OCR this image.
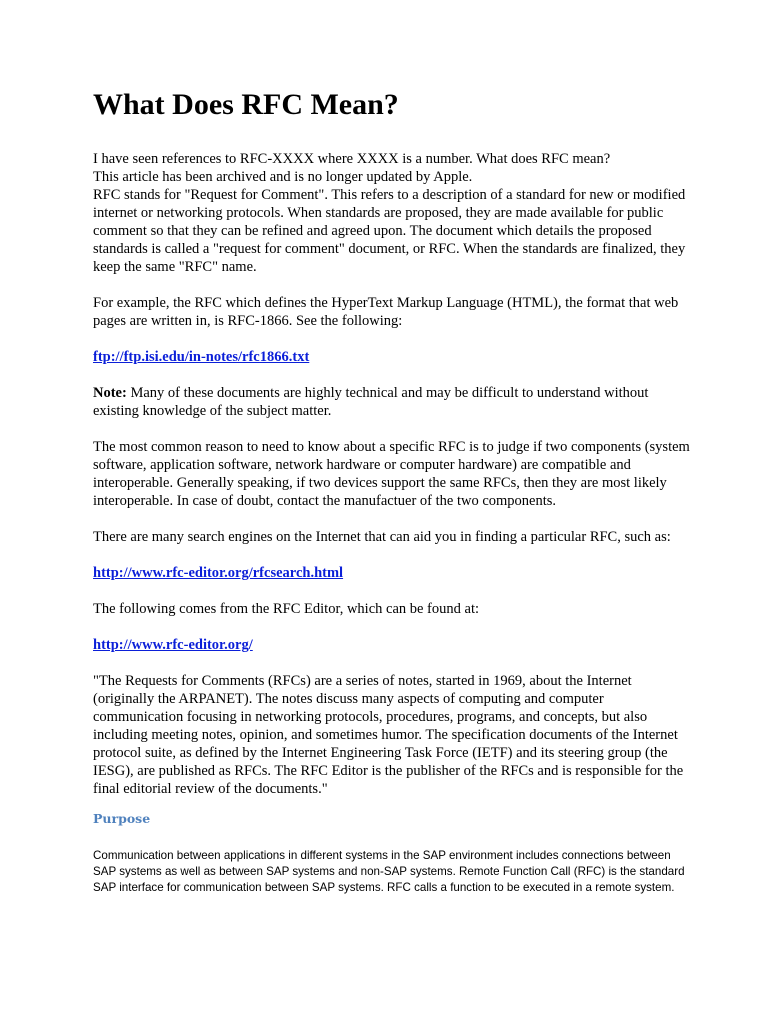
What Does RFC Mean?

I have seen references to RFC-XXXX where XXXX is a number. What does RFC mean?

This article has been archived and is no longer updated by Apple.

RFC stands for "Request for Comment". This refers to a description of a standard for new or modified internet or networking protocols. When standards are proposed, they are made available for public comment so that they can be refined and agreed upon. The document which details the proposed standards is called a "request for comment" document, or RFC. When the standards are finalized, they keep the same "RFC" name.

For example, the RFC which defines the HyperText Markup Language (HTML), the format that web pages are written in, is RFC-1866. See the following:

ftp://ftp.isi.edu/in-notes/rfc1866.txt

Note: Many of these documents are highly technical and may be difficult to understand without existing knowledge of the subject matter.

The most common reason to need to know about a specific RFC is to judge if two components (system software, application software, network hardware or computer hardware) are compatible and interoperable. Generally speaking, if two devices support the same RFCs, then they are most likely interoperable. In case of doubt, contact the manufactuer of the two components.

There are many search engines on the Internet that can aid you in finding a particular RFC, such as:

http://www.rfc-editor.org/rfcsearch.html

The following comes from the RFC Editor, which can be found at:

http://www.rfc-editor.org/

"The Requests for Comments (RFCs) are a series of notes, started in 1969, about the Internet (originally the ARPANET). The notes discuss many aspects of computing and computer communication focusing in networking protocols, procedures, programs, and concepts, but also including meeting notes, opinion, and sometimes humor. The specification documents of the Internet protocol suite, as defined by the Internet Engineering Task Force (IETF) and its steering group (the IESG), are published as RFCs. The RFC Editor is the publisher of the RFCs and is responsible for the final editorial review of the documents."

Purpose

Communication between applications in different systems in the SAP environment includes connections between SAP systems as well as between SAP systems and non-SAP systems. Remote Function Call (RFC) is the standard SAP interface for communication between SAP systems. RFC calls a function to be executed in a remote system.
